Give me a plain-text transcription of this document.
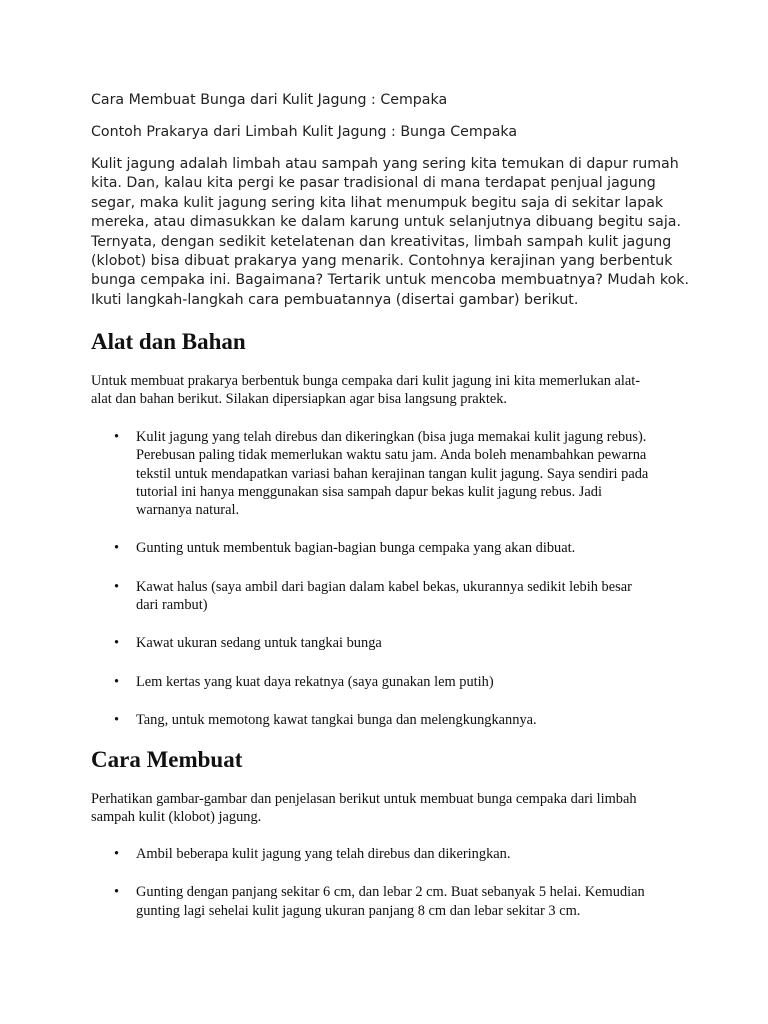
Cara Membuat Bunga dari Kulit Jagung : Cempaka
Contoh Prakarya dari Limbah Kulit Jagung : Bunga Cempaka
Kulit jagung adalah limbah atau sampah yang sering kita temukan di dapur rumah
kita. Dan, kalau kita pergi ke pasar tradisional di mana terdapat penjual jagung
segar, maka kulit jagung sering kita lihat menumpuk begitu saja di sekitar lapak
mereka, atau dimasukkan ke dalam karung untuk selanjutnya dibuang begitu saja.
Ternyata, dengan sedikit ketelatenan dan kreativitas, limbah sampah kulit jagung
(klobot) bisa dibuat prakarya yang menarik. Contohnya kerajinan yang berbentuk
bunga cempaka ini. Bagaimana? Tertarik untuk mencoba membuatnya? Mudah kok.
Ikuti langkah-langkah cara pembuatannya (disertai gambar) berikut.
Alat dan Bahan
Untuk membuat prakarya berbentuk bunga cempaka dari kulit jagung ini kita memerlukan alat-
alat dan bahan berikut. Silakan dipersiapkan agar bisa langsung praktek.
• Kulit jagung yang telah direbus dan dikeringkan (bisa juga memakai kulit jagung rebus).
Perebusan paling tidak memerlukan waktu satu jam. Anda boleh menambahkan pewarna
tekstil untuk mendapatkan variasi bahan kerajinan tangan kulit jagung. Saya sendiri pada
tutorial ini hanya menggunakan sisa sampah dapur bekas kulit jagung rebus. Jadi
warnanya natural.
• Gunting untuk membentuk bagian-bagian bunga cempaka yang akan dibuat.
• Kawat halus (saya ambil dari bagian dalam kabel bekas, ukurannya sedikit lebih besar
dari rambut)
• Kawat ukuran sedang untuk tangkai bunga
• Lem kertas yang kuat daya rekatnya (saya gunakan lem putih)
• Tang, untuk memotong kawat tangkai bunga dan melengkungkannya.
Cara Membuat
Perhatikan gambar-gambar dan penjelasan berikut untuk membuat bunga cempaka dari limbah
sampah kulit (klobot) jagung.
• Ambil beberapa kulit jagung yang telah direbus dan dikeringkan.
• Gunting dengan panjang sekitar 6 cm, dan lebar 2 cm. Buat sebanyak 5 helai. Kemudian
gunting lagi sehelai kulit jagung ukuran panjang 8 cm dan lebar sekitar 3 cm.
